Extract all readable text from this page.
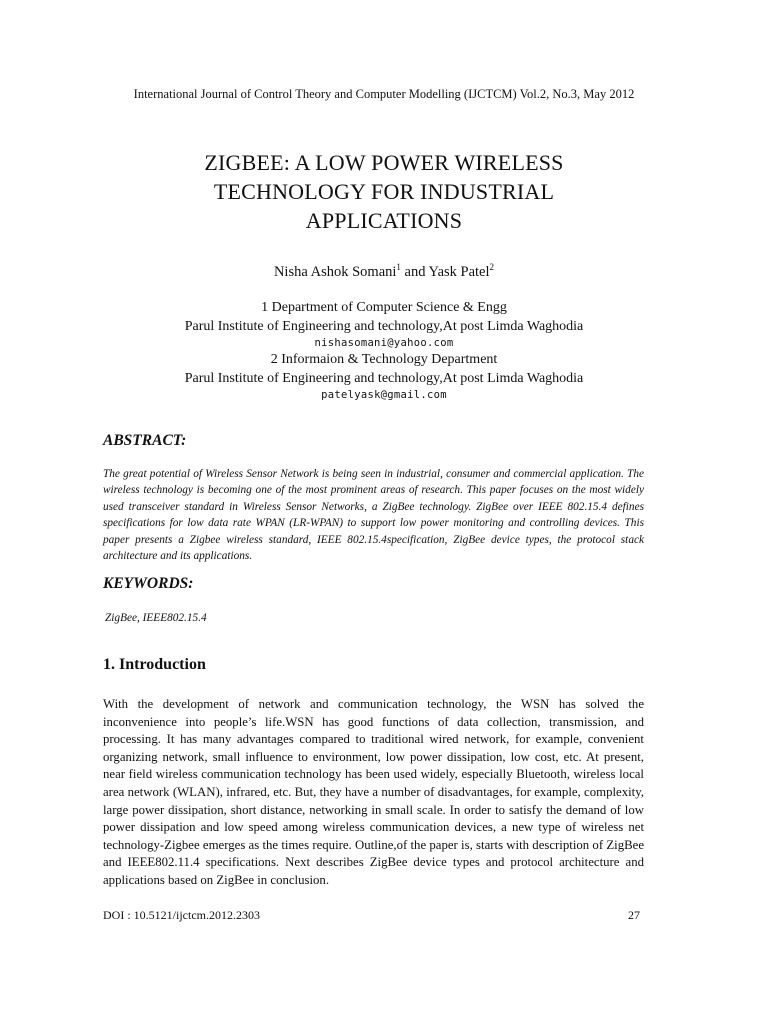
International Journal of Control Theory and Computer Modelling (IJCTCM) Vol.2, No.3, May 2012
ZIGBEE: A LOW POWER WIRELESS
TECHNOLOGY FOR INDUSTRIAL
APPLICATIONS
Nisha Ashok Somani$^1$ and Yask Patel$^2$
1 Department of Computer Science & Engg
Parul Institute of Engineering and technology,At post Limda Waghodia
nishasomani@yahoo.com
2 Informaion & Technology Department
Parul Institute of Engineering and technology,At post Limda Waghodia
patelyask@gmail.com
ABSTRACT:
The great potential of Wireless Sensor Network is being seen in industrial, consumer and commercial application. The wireless technology is becoming one of the most prominent areas of research. This paper focuses on the most widely used transceiver standard in Wireless Sensor Networks, a ZigBee technology. ZigBee over IEEE 802.15.4 defines specifications for low data rate WPAN (LR-WPAN) to support low power monitoring and controlling devices. This paper presents a Zigbee wireless standard, IEEE 802.15.4specification, ZigBee device types, the protocol stack architecture and its applications.
KEYWORDS:
ZigBee, IEEE802.15.4
1. Introduction
With the development of network and communication technology, the WSN has solved the inconvenience into people’s life.WSN has good functions of data collection, transmission, and processing. It has many advantages compared to traditional wired network, for example, convenient organizing network, small influence to environment, low power dissipation, low cost, etc. At present, near field wireless communication technology has been used widely, especially Bluetooth, wireless local area network (WLAN), infrared, etc. But, they have a number of disadvantages, for example, complexity, large power dissipation, short distance, networking in small scale. In order to satisfy the demand of low power dissipation and low speed among wireless communication devices, a new type of wireless net technology-Zigbee emerges as the times require. Outline,of the paper is, starts with description of ZigBee and IEEE802.11.4 specifications. Next describes ZigBee device types and protocol architecture and applications based on ZigBee in conclusion.
DOI : 10.5121/ijctcm.2012.2303	27
